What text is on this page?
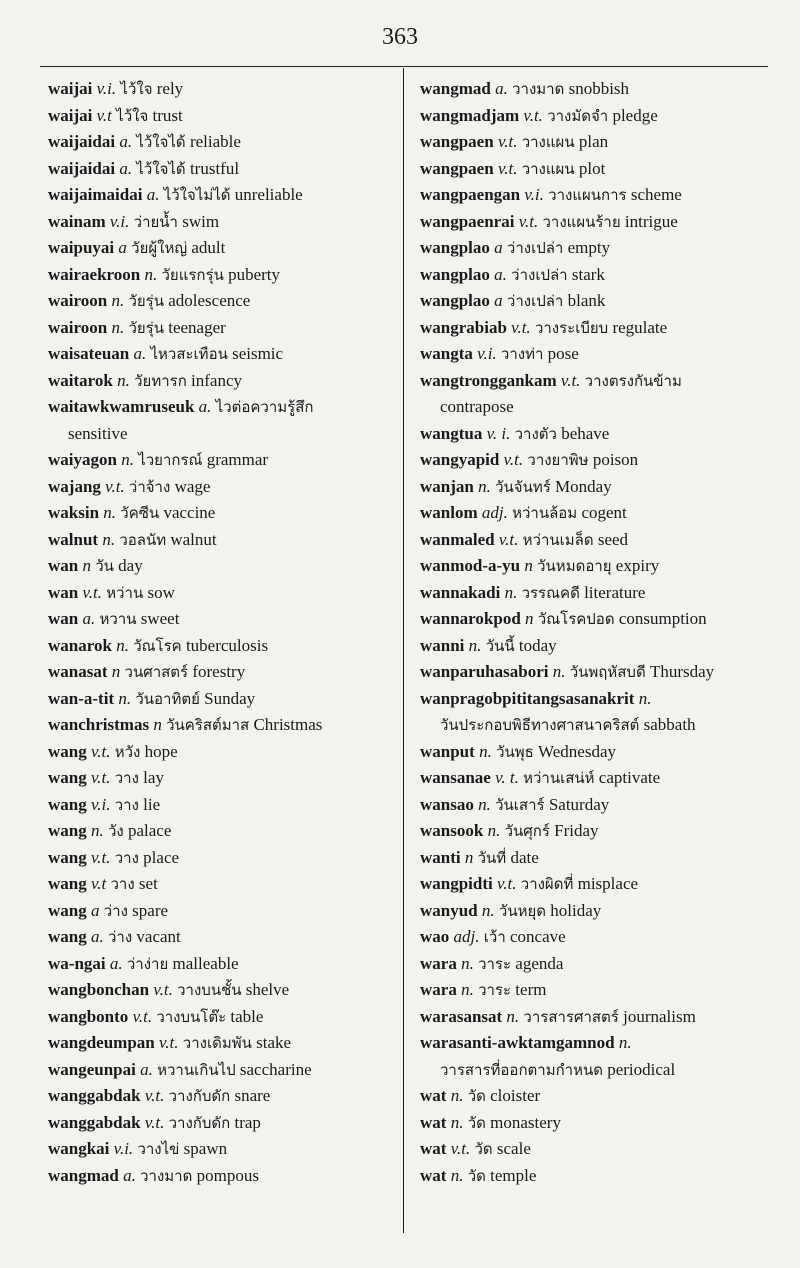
363
waijai v.i. ไว้ใจ rely
waijai v.t ไว้ใจ trust
waijaidai a. ไว้ใจได้ reliable
waijaidai a. ไว้ใจได้ trustful
waijaimaidai a. ไว้ใจไม่ได้ unreliable
wainam v.i. ว่ายน้ำ swim
waipuyai a วัยผู้ใหญ่ adult
wairaekroon n. วัยแรกรุ่น puberty
wairoon n. วัยรุ่น adolescence
wairoon n. วัยรุ่น teenager
waisateuan a. ไหวสะเทือน seismic
waitarok n. วัยทารก infancy
waitawkwamruseuk a. ไวต่อความรู้สึก
sensitive
waiyagon n. ไวยากรณ์ grammar
wajang v.t. ว่าจ้าง wage
waksin n. วัคซีน vaccine
walnut n. วอลนัท walnut
wan n วัน day
wan v.t. หว่าน sow
wan a. หวาน sweet
wanarok n. วัณโรค tuberculosis
wanasat n วนศาสตร์ forestry
wan-a-tit n. วันอาทิตย์ Sunday
wanchristmas n วันคริสต์มาส Christmas
wang v.t. หวัง hope
wang v.t. วาง lay
wang v.i. วาง lie
wang n. วัง palace
wang v.t. วาง place
wang v.t วาง set
wang a ว่าง spare
wang a. ว่าง vacant
wa-ngai a. ว่าง่าย malleable
wangbonchan v.t. วางบนชั้น shelve
wangbonto v.t. วางบนโต๊ะ table
wangdeumpan v.t. วางเดิมพัน stake
wangeunpai a. หวานเกินไป saccharine
wanggabdak v.t. วางกับดัก snare
wanggabdak v.t. วางกับดัก trap
wangkai v.i. วางไข่ spawn
wangmad a. วางมาด pompous
wangmad a. วางมาด snobbish
wangmadjam v.t. วางมัดจำ pledge
wangpaen v.t. วางแผน plan
wangpaen v.t. วางแผน plot
wangpaengan v.i. วางแผนการ scheme
wangpaenrai v.t. วางแผนร้าย intrigue
wangplao a ว่างเปล่า empty
wangplao a. ว่างเปล่า stark
wangplao a ว่างเปล่า blank
wangrabiab v.t. วางระเบียบ regulate
wangta v.i. วางท่า pose
wangtronggankam v.t. วางตรงกันข้าม
contrapose
wangtua v. i. วางตัว behave
wangyapid v.t. วางยาพิษ poison
wanjan n. วันจันทร์ Monday
wanlom adj. หว่านล้อม cogent
wanmaled v.t. หว่านเมล็ด seed
wanmod-a-yu n วันหมดอายุ expiry
wannakadi n. วรรณคดี literature
wannarokpod n วัณโรคปอด consumption
wanni n. วันนี้ today
wanparuhasabori n. วันพฤหัสบดี Thursday
wanpragobpititangsasanakrit n.
วันประกอบพิธีทางศาสนาคริสต์ sabbath
wanput n. วันพุธ Wednesday
wansanae v. t. หว่านเสน่ห์ captivate
wansao n. วันเสาร์ Saturday
wansook n. วันศุกร์ Friday
wanti n วันที่ date
wangpidti v.t. วางผิดที่ misplace
wanyud n. วันหยุด holiday
wao adj. เว้า concave
wara n. วาระ agenda
wara n. วาระ term
warasansat n. วารสารศาสตร์ journalism
warasanti-awktamgamnod n.
วารสารที่ออกตามกำหนด periodical
wat n. วัด cloister
wat n. วัด monastery
wat v.t. วัด scale
wat n. วัด temple
